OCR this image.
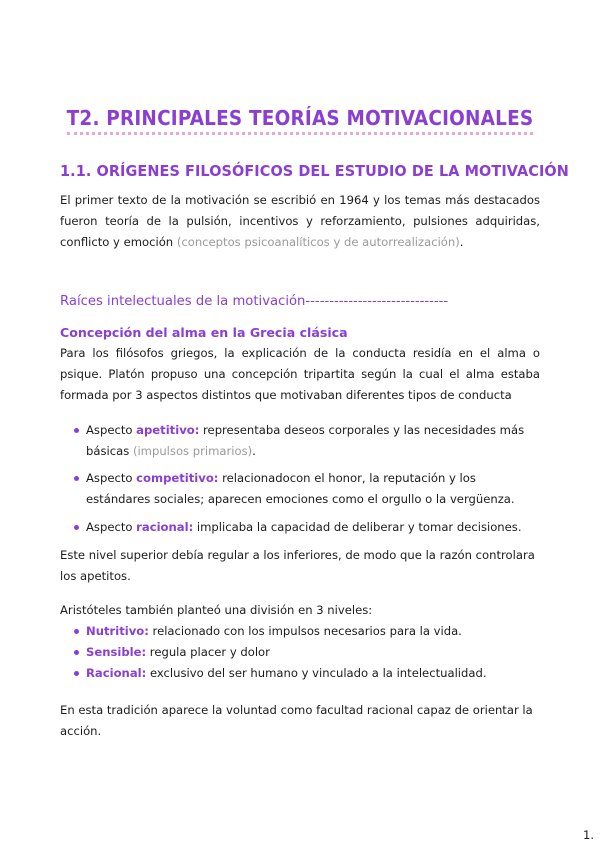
T2. PRINCIPALES TEORÍAS MOTIVACIONALES
1.1. ORÍGENES FILOSÓFICOS DEL ESTUDIO DE LA MOTIVACIÓN
El primer texto de la motivación se escribió en 1964 y los temas más destacados fueron teoría de la pulsión, incentivos y reforzamiento, pulsiones adquiridas, conflicto y emoción (conceptos psicoanalíticos y de autorrealización).
Raíces intelectuales de la motivación------------------------------
Concepción del alma en la Grecia clásica
Para los filósofos griegos, la explicación de la conducta residía en el alma o psique. Platón propuso una concepción tripartita según la cual el alma estaba formada por 3 aspectos distintos que motivaban diferentes tipos de conducta
Aspecto apetitivo: representaba deseos corporales y las necesidades más básicas (impulsos primarios).
Aspecto competitivo: relacionadocon el honor, la reputación y los estándares sociales; aparecen emociones como el orgullo o la vergüenza.
Aspecto racional: implicaba la capacidad de deliberar y tomar decisiones.
Este nivel superior debía regular a los inferiores, de modo que la razón controlara los apetitos.
Aristóteles también planteó una división en 3 niveles:
Nutritivo: relacionado con los impulsos necesarios para la vida.
Sensible: regula placer y dolor
Racional: exclusivo del ser humano y vinculado a la intelectualidad.
En esta tradición aparece la voluntad como facultad racional capaz de orientar la acción.
1.
